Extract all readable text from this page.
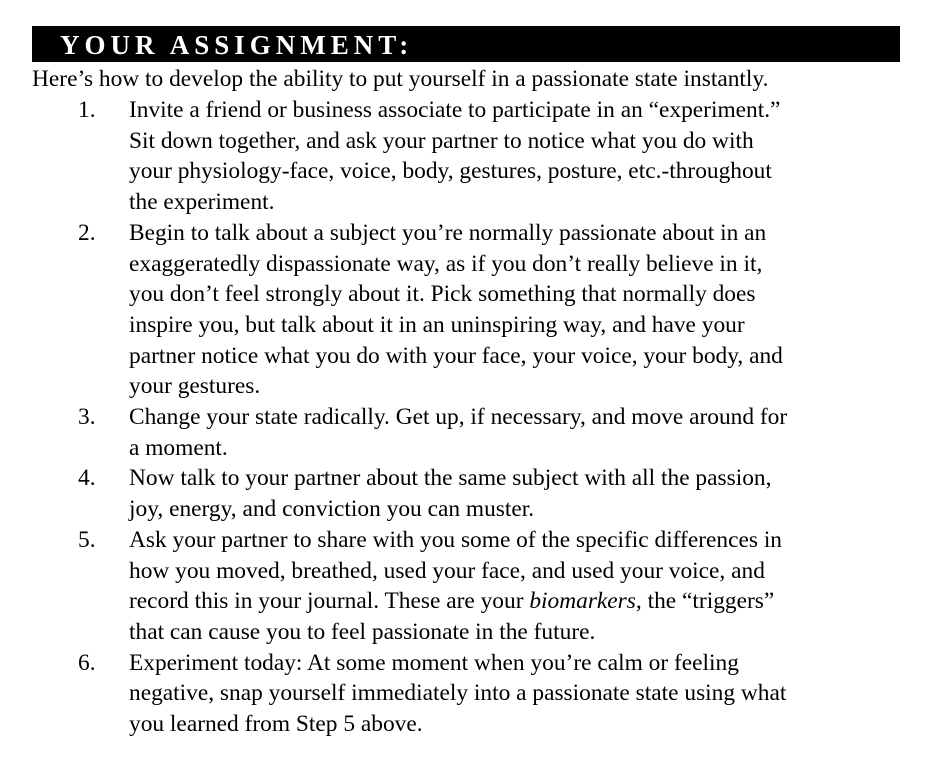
YOUR ASSIGNMENT:
Here’s how to develop the ability to put yourself in a passionate state instantly.
1.	Invite a friend or business associate to participate in an “experiment.”
Sit down together, and ask your partner to notice what you do with
your physiology-face, voice, body, gestures, posture, etc.-throughout
the experiment.
2.	Begin to talk about a subject you’re normally passionate about in an
exaggeratedly dispassionate way, as if you don’t really believe in it,
you don’t feel strongly about it. Pick something that normally does
inspire you, but talk about it in an uninspiring way, and have your
partner notice what you do with your face, your voice, your body, and
your gestures.
3.	Change your state radically. Get up, if necessary, and move around for
a moment.
4.	Now talk to your partner about the same subject with all the passion,
joy, energy, and conviction you can muster.
5.	Ask your partner to share with you some of the specific differences in
how you moved, breathed, used your face, and used your voice, and
record this in your journal. These are your biomarkers, the “triggers”
that can cause you to feel passionate in the future.
6.	Experiment today: At some moment when you’re calm or feeling
negative, snap yourself immediately into a passionate state using what
you learned from Step 5 above.
